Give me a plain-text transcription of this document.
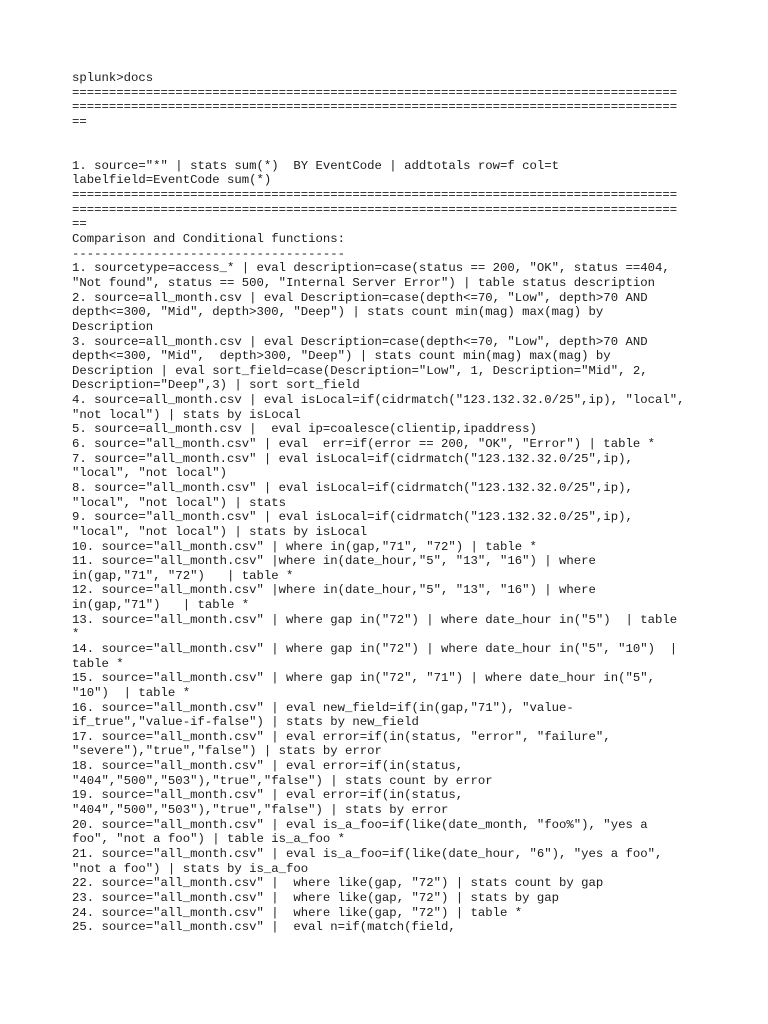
splunk>docs
==================================================================================
==================================================================================
==
1. source="*" | stats sum(*)  BY EventCode | addtotals row=f col=t
labelfield=EventCode sum(*)
==================================================================================
==================================================================================
==
Comparison and Conditional functions:
-------------------------------------
1. sourcetype=access_* | eval description=case(status == 200, "OK", status ==404,
"Not found", status == 500, "Internal Server Error") | table status description
2. source=all_month.csv | eval Description=case(depth<=70, "Low", depth>70 AND
depth<=300, "Mid", depth>300, "Deep") | stats count min(mag) max(mag) by
Description
3. source=all_month.csv | eval Description=case(depth<=70, "Low", depth>70 AND
depth<=300, "Mid",  depth>300, "Deep") | stats count min(mag) max(mag) by
Description | eval sort_field=case(Description="Low", 1, Description="Mid", 2,
Description="Deep",3) | sort sort_field
4. source=all_month.csv | eval isLocal=if(cidrmatch("123.132.32.0/25",ip), "local",
"not local") | stats by isLocal
5. source=all_month.csv |  eval ip=coalesce(clientip,ipaddress)
6. source="all_month.csv" | eval  err=if(error == 200, "OK", "Error") | table *
7. source="all_month.csv" | eval isLocal=if(cidrmatch("123.132.32.0/25",ip),
"local", "not local")
8. source="all_month.csv" | eval isLocal=if(cidrmatch("123.132.32.0/25",ip),
"local", "not local") | stats
9. source="all_month.csv" | eval isLocal=if(cidrmatch("123.132.32.0/25",ip),
"local", "not local") | stats by isLocal
10. source="all_month.csv" | where in(gap,"71", "72") | table *
11. source="all_month.csv" |where in(date_hour,"5", "13", "16") | where
in(gap,"71", "72")   | table *
12. source="all_month.csv" |where in(date_hour,"5", "13", "16") | where
in(gap,"71")   | table *
13. source="all_month.csv" | where gap in("72") | where date_hour in("5")  | table
*
14. source="all_month.csv" | where gap in("72") | where date_hour in("5", "10")  |
table *
15. source="all_month.csv" | where gap in("72", "71") | where date_hour in("5",
"10")  | table *
16. source="all_month.csv" | eval new_field=if(in(gap,"71"), "value-
if_true","value-if-false") | stats by new_field
17. source="all_month.csv" | eval error=if(in(status, "error", "failure",
"severe"),"true","false") | stats by error
18. source="all_month.csv" | eval error=if(in(status,
"404","500","503"),"true","false") | stats count by error
19. source="all_month.csv" | eval error=if(in(status,
"404","500","503"),"true","false") | stats by error
20. source="all_month.csv" | eval is_a_foo=if(like(date_month, "foo%"), "yes a
foo", "not a foo") | table is_a_foo *
21. source="all_month.csv" | eval is_a_foo=if(like(date_hour, "6"), "yes a foo",
"not a foo") | stats by is_a_foo
22. source="all_month.csv" |  where like(gap, "72") | stats count by gap
23. source="all_month.csv" |  where like(gap, "72") | stats by gap
24. source="all_month.csv" |  where like(gap, "72") | table *
25. source="all_month.csv" |  eval n=if(match(field,
